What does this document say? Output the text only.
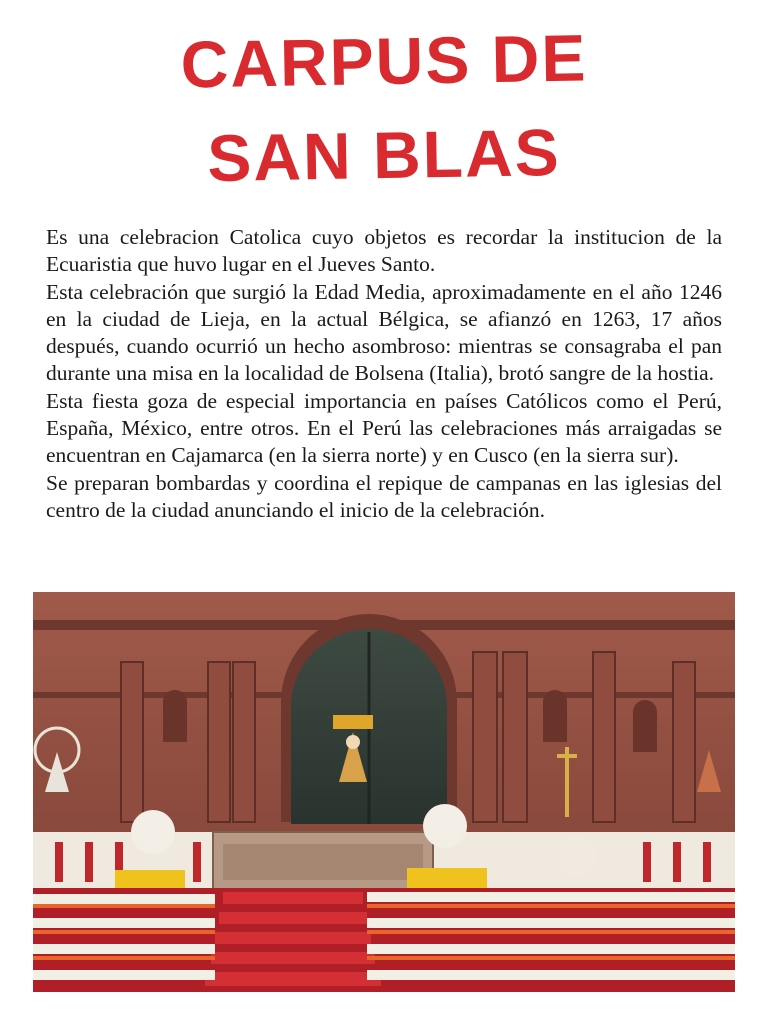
CARPUS DE
SAN BLAS

Es una celebracion Catolica cuyo objetos es recordar la institucion de la Ecuaristia que huvo lugar en el Jueves Santo.

Esta celebración que surgió la Edad Media, aproximadamente en el año 1246 en la ciudad de Lieja, en la actual Bélgica, se afianzó en 1263, 17 años después, cuando ocurrió un hecho asombroso: mientras se consagraba el pan durante una misa en la localidad de Bolsena (Italia), brotó sangre de la hostia.

Esta fiesta goza de especial importancia en países Católicos como el Perú, España, México, entre otros. En el Perú las celebraciones más arraigadas se encuentran en Cajamarca (en la sierra norte) y en Cusco (en la sierra sur).

Se preparan bombardas y coordina el repique de campanas en las iglesias del centro de la ciudad anunciando el inicio de la celebración.
